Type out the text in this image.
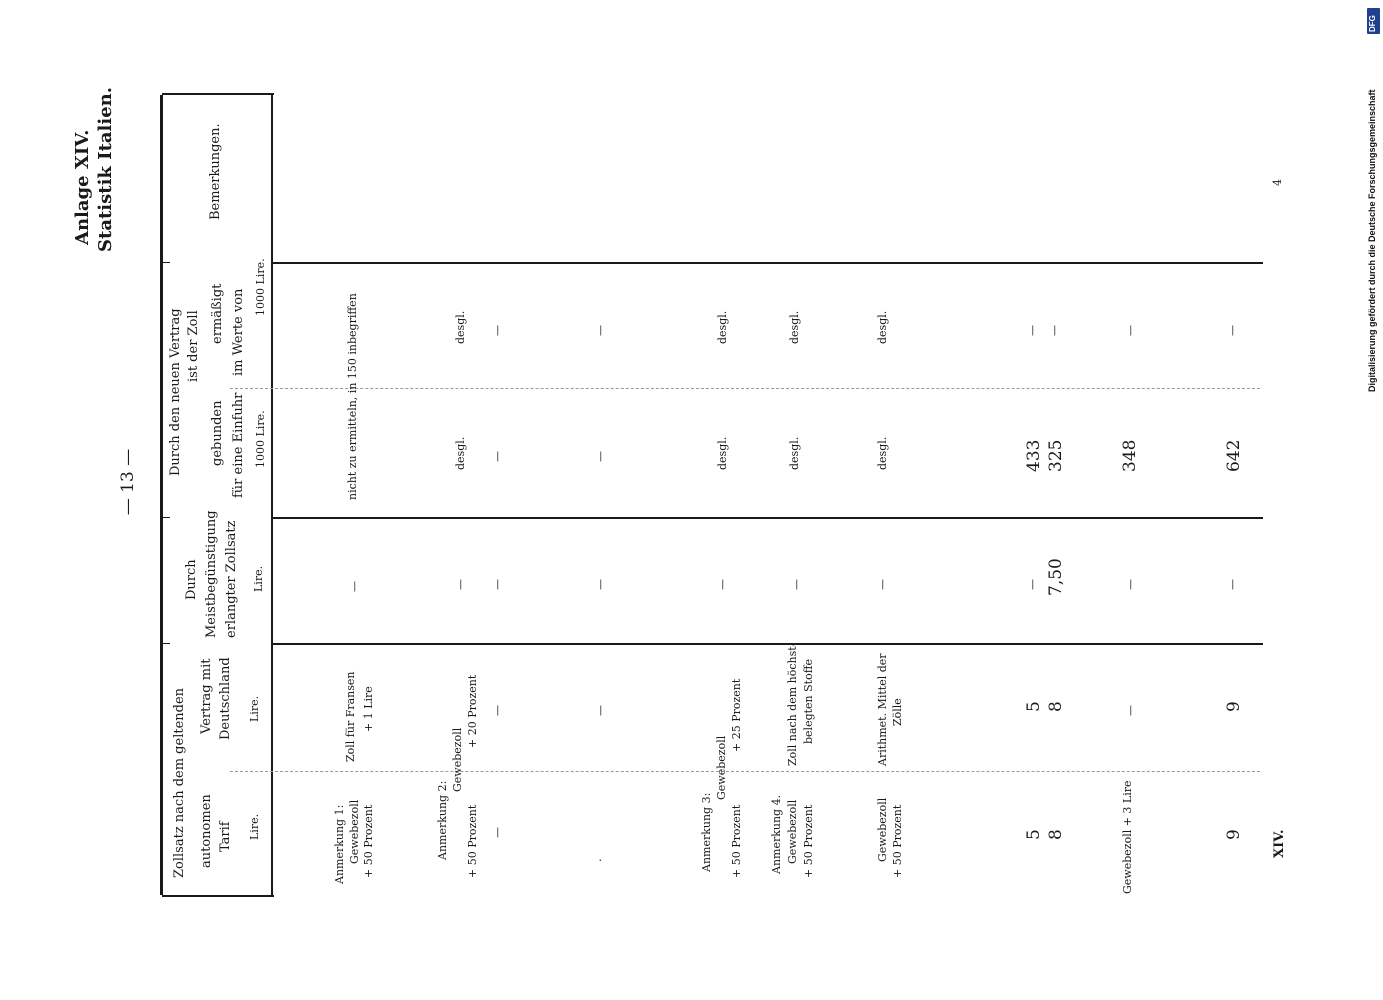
— 13 —
Anlage XIV. Statistik Italien.
XIV.
4	Digitalisierung gefördert durch die Deutsche Forschungsgemeinschaft
DFG
Zollsatz nach dem geltenden autonomen Tarif Lire.
Vertrag mit Deutschland Lire.
Durch Meistbegünstigung erlangter Zollsatz Lire.
Durch den neuen Vertrag ist der Zoll
gebunden
ermäßigt
für eine Einfuhr
im Werte von
1000 Lire.
1000 Lire.
Bemerkungen.
Anmerkung 1: Gewebezoll + 50 Prozent
Zoll für Fransen + 1 Lire
—
nicht zu ermitteln, in 150 inbegriffen
Anmerkung 2:
Gewebezoll
+ 50 Prozent
+ 20 Prozent
—
desgl.
desgl.
—
—
—
—
—
·
—
—
—
—
Anmerkung 3:
Gewebezoll
+ 50 Prozent
+ 25 Prozent
—
desgl.
desgl.
Anmerkung 4. Gewebezoll + 50 Prozent
Zoll nach dem höchst- belegten Stoffe
—
desgl.
desgl.
Gewebezoll + 50 Prozent
Arithmet. Mittel der Zölle
—
desgl.
desgl.
5
5
—
433
—
8
8
7,50
325
—
Gewebezoll + 3 Lire
—
—
348
—
9
9
—
642
—
